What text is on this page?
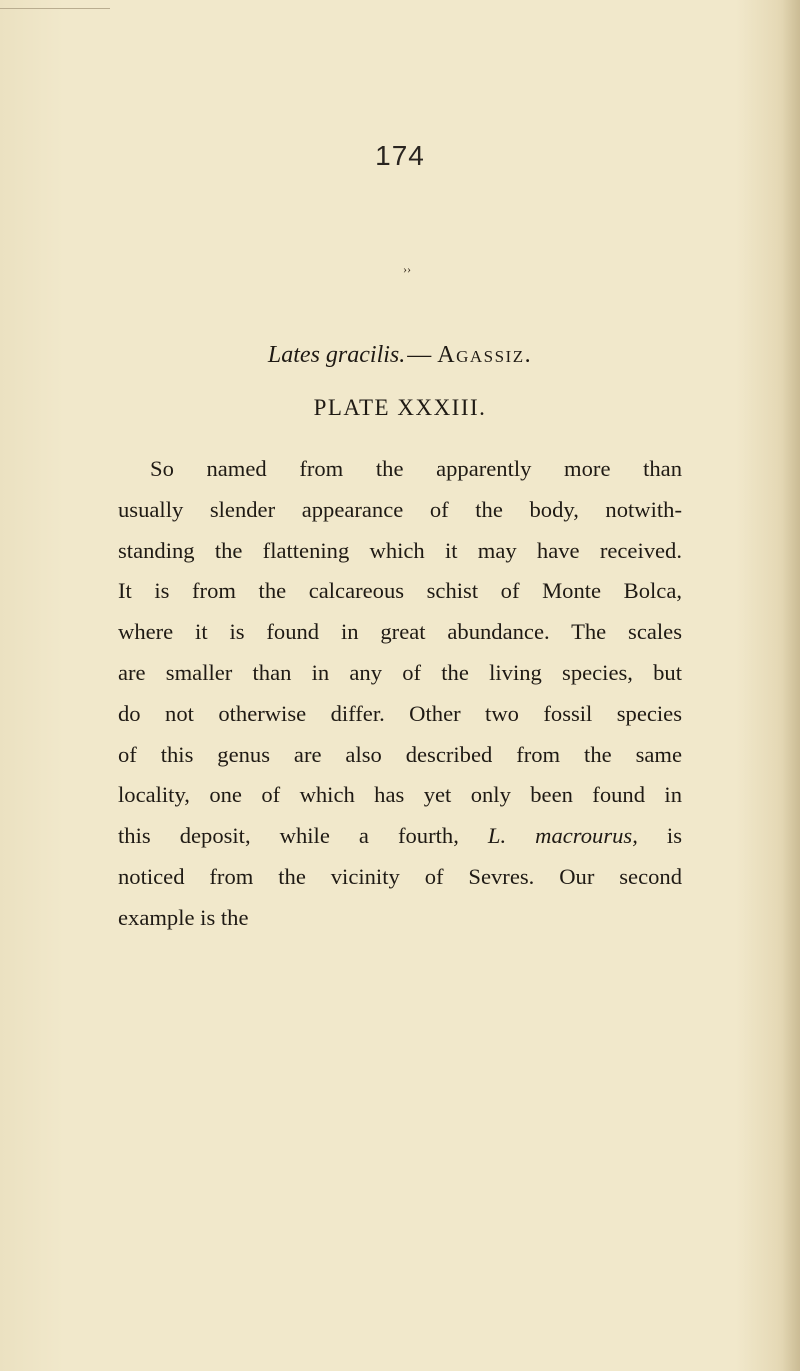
174
››
Lates gracilis.— Agassiz.
PLATE XXXIII.
So named from the apparently more than
usually slender appearance of the body, notwith-
standing the flattening which it may have received.
It is from the calcareous schist of Monte Bolca,
where it is found in great abundance. The scales
are smaller than in any of the living species, but
do not otherwise differ. Other two fossil species
of this genus are also described from the same
locality, one of which has yet only been found in
this deposit, while a fourth, L. macrourus, is
noticed from the vicinity of Sevres. Our second
example is the
